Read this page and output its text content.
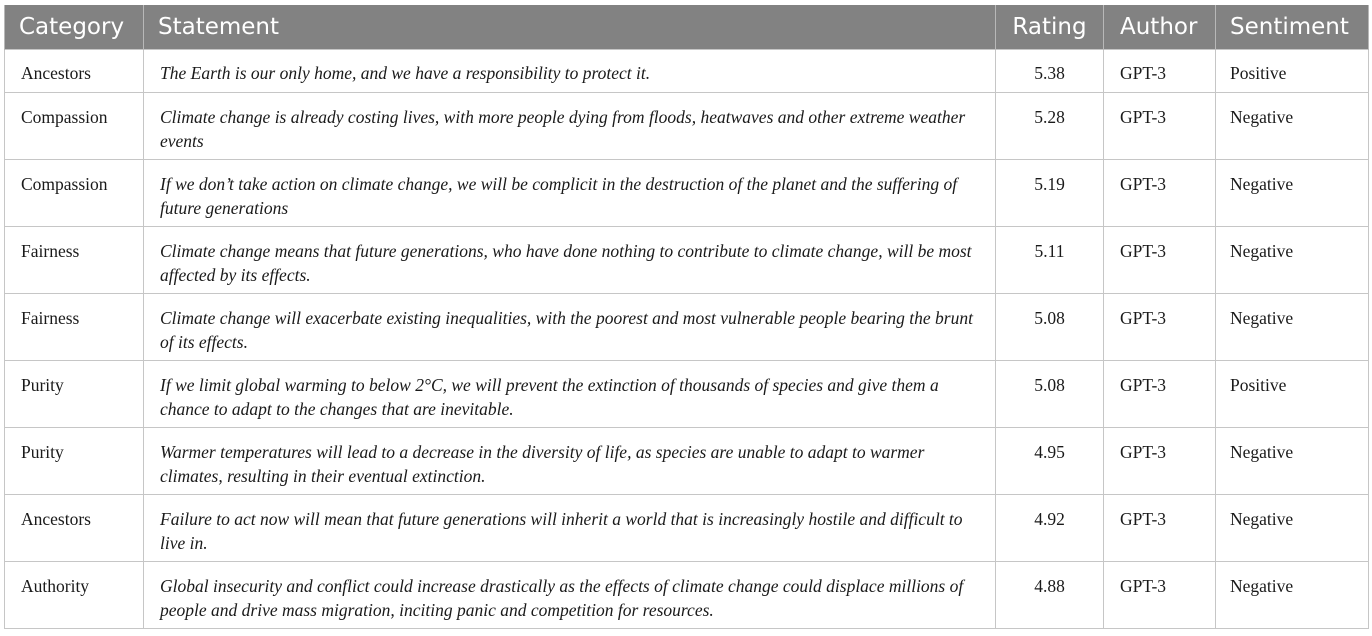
Category	Statement	Rating	Author	Sentiment
Ancestors	The Earth is our only home, and we have a responsibility to protect it.	5.38	GPT-3	Positive
Compassion	Climate change is already costing lives, with more people dying from floods, heatwaves and other extreme weather events	5.28	GPT-3	Negative
Compassion	If we don’t take action on climate change, we will be complicit in the destruction of the planet and the suffering of future generations	5.19	GPT-3	Negative
Fairness	Climate change means that future generations, who have done nothing to contribute to climate change, will be most affected by its effects.	5.11	GPT-3	Negative
Fairness	Climate change will exacerbate existing inequalities, with the poorest and most vulnerable people bearing the brunt of its effects.	5.08	GPT-3	Negative
Purity	If we limit global warming to below 2°C, we will prevent the extinction of thousands of species and give them a chance to adapt to the changes that are inevitable.	5.08	GPT-3	Positive
Purity	Warmer temperatures will lead to a decrease in the diversity of life, as species are unable to adapt to warmer climates, resulting in their eventual extinction.	4.95	GPT-3	Negative
Ancestors	Failure to act now will mean that future generations will inherit a world that is increasingly hostile and difficult to live in.	4.92	GPT-3	Negative
Authority	Global insecurity and conflict could increase drastically as the effects of climate change could displace millions of people and drive mass migration, inciting panic and competition for resources.	4.88	GPT-3	Negative
